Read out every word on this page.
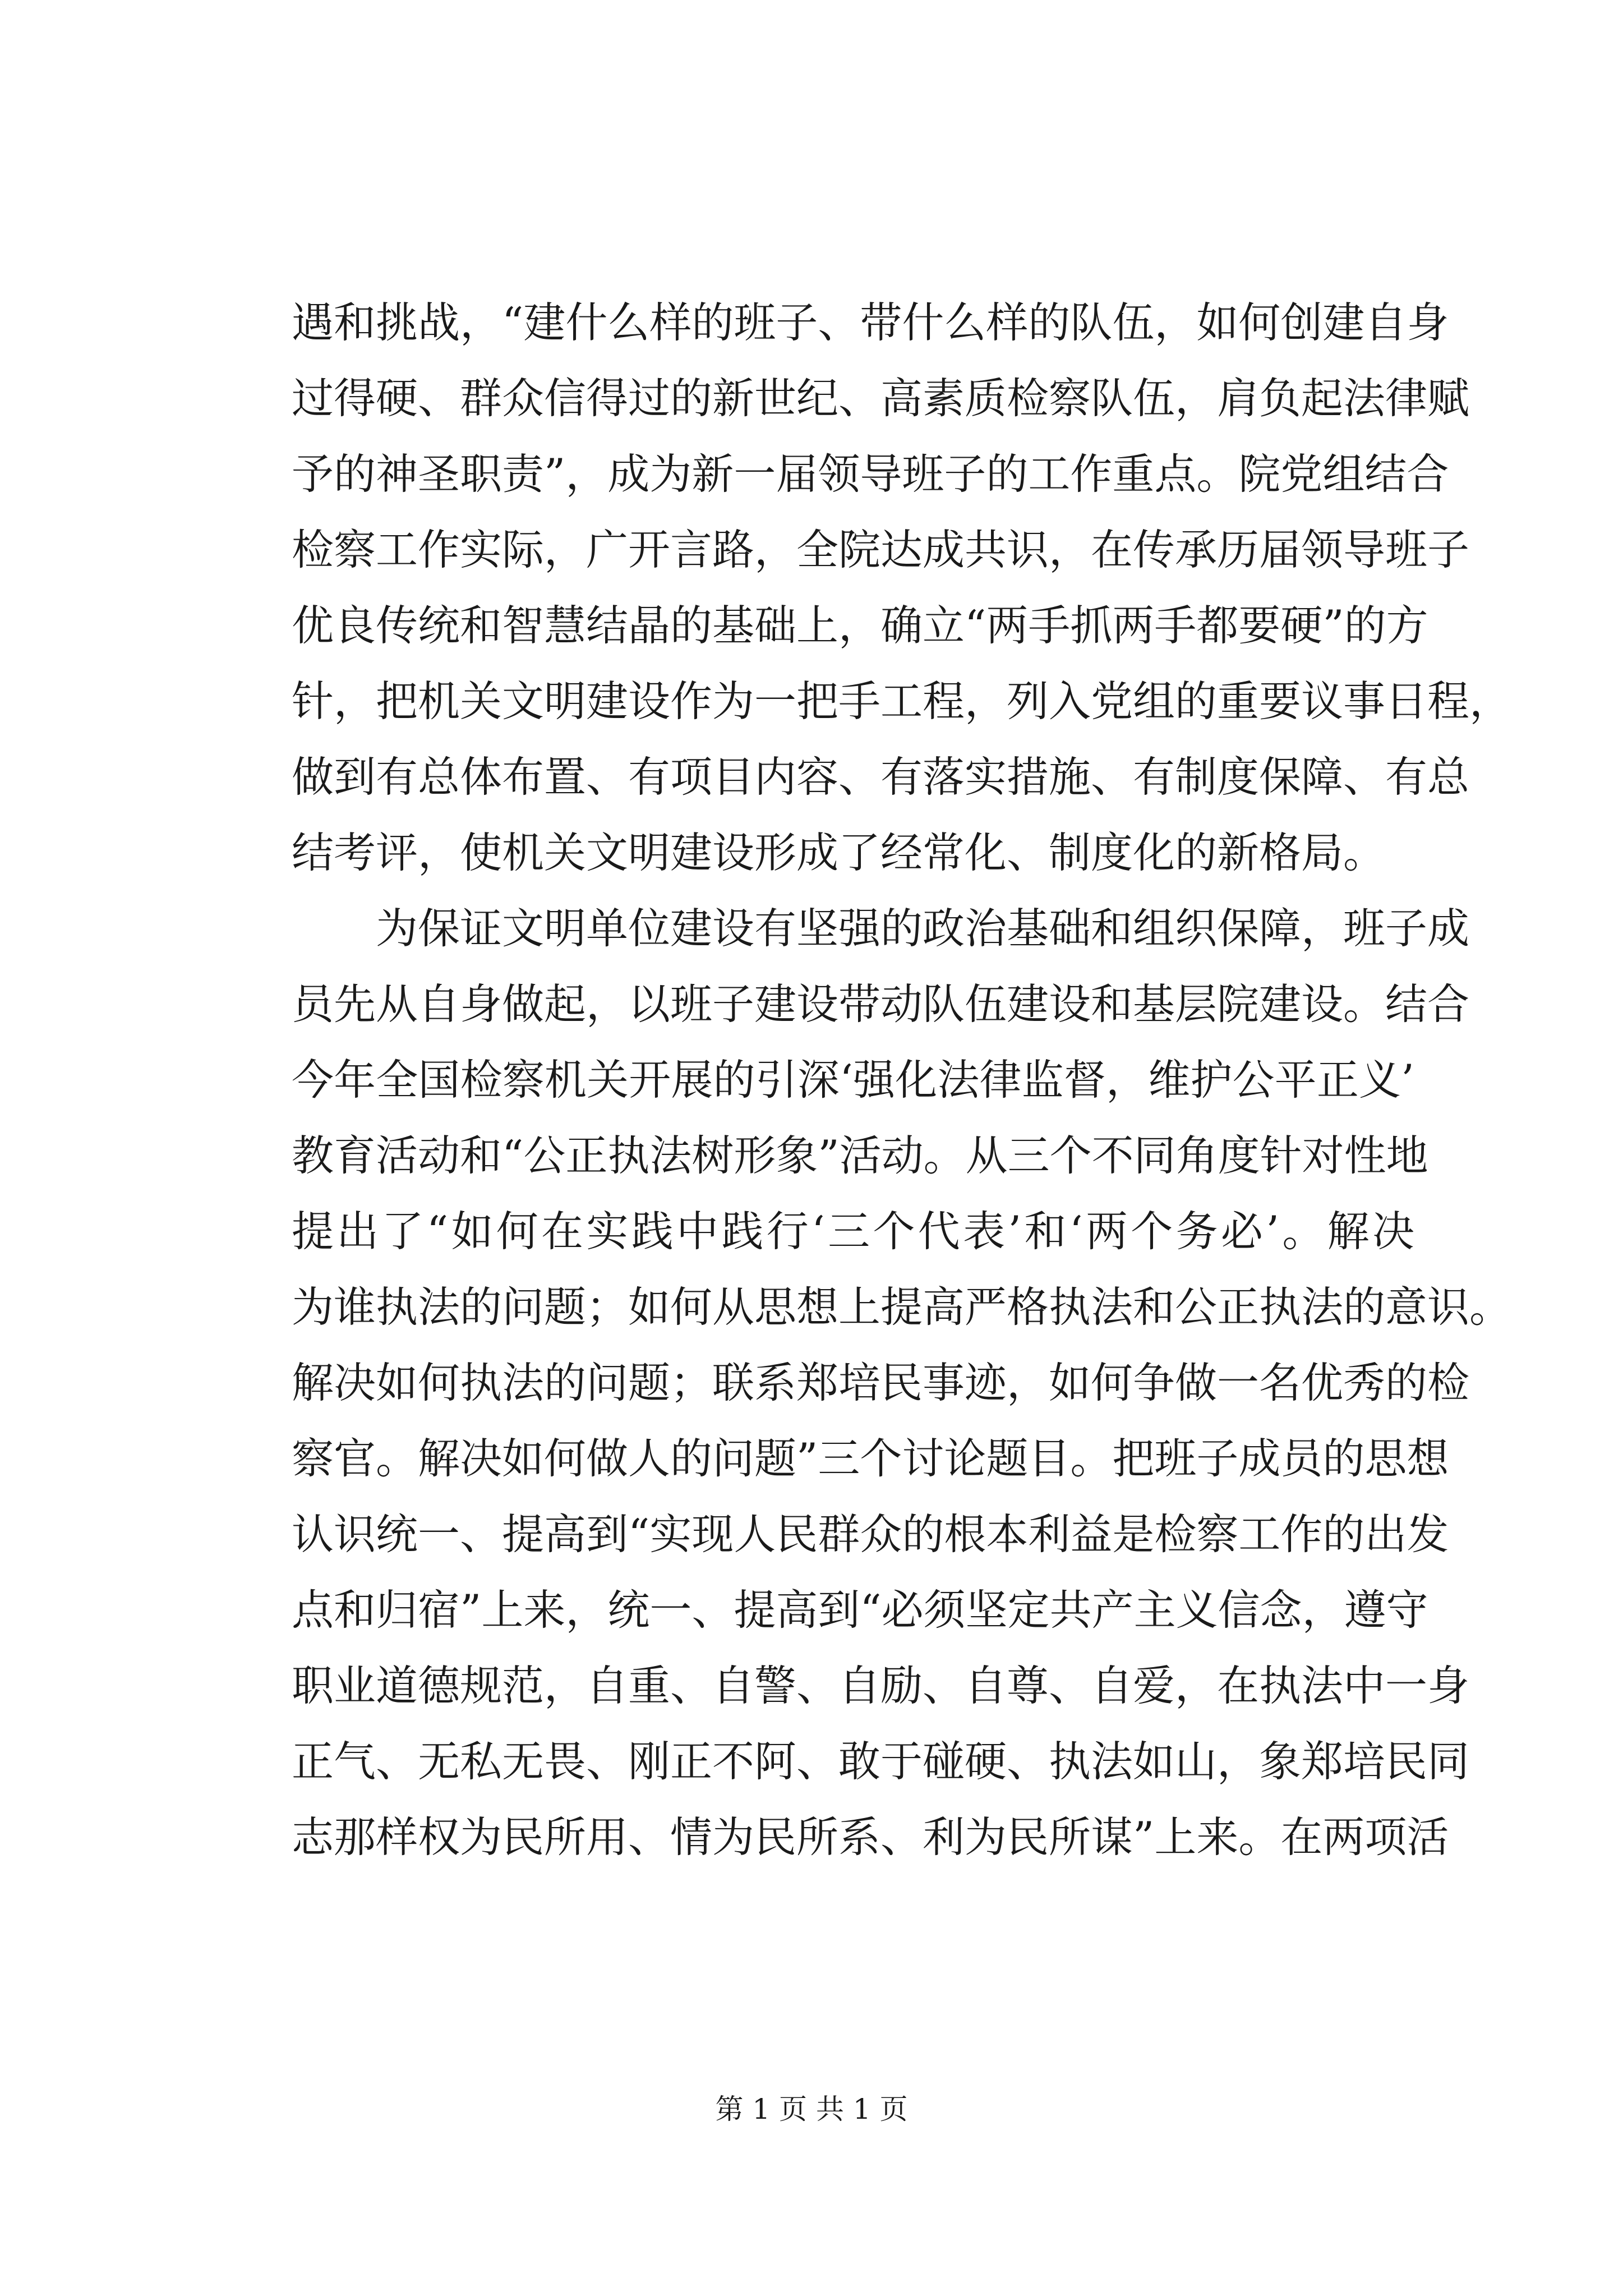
遇和挑战，“建什么样的班子、带什么样的队伍，如何创建自身
过得硬、群众信得过的新世纪、高素质检察队伍，肩负起法律赋
予的神圣职责”，成为新一届领导班子的工作重点。院党组结合
检察工作实际，广开言路，全院达成共识，在传承历届领导班子
优良传统和智慧结晶的基础上，确立“两手抓两手都要硬”的方
针，把机关文明建设作为一把手工程，列入党组的重要议事日程，
做到有总体布置、有项目内容、有落实措施、有制度保障、有总
结考评，使机关文明建设形成了经常化、制度化的新格局。
为保证文明单位建设有坚强的政治基础和组织保障，班子成
员先从自身做起，以班子建设带动队伍建设和基层院建设。结合
今年全国检察机关开展的引深‘强化法律监督，维护公平正义’
教育活动和“公正执法树形象”活动。从三个不同角度针对性地
提出了“如何在实践中践行‘三个代表’和‘两个务必’。解决
为谁执法的问题；如何从思想上提高严格执法和公正执法的意识。
解决如何执法的问题；联系郑培民事迹，如何争做一名优秀的检
察官。解决如何做人的问题”三个讨论题目。把班子成员的思想
认识统一、提高到“实现人民群众的根本利益是检察工作的出发
点和归宿”上来，统一、提高到“必须坚定共产主义信念，遵守
职业道德规范，自重、自警、自励、自尊、自爱，在执法中一身
正气、无私无畏、刚正不阿、敢于碰硬、执法如山，象郑培民同
志那样权为民所用、情为民所系、利为民所谋”上来。在两项活
第 1 页 共 1 页
